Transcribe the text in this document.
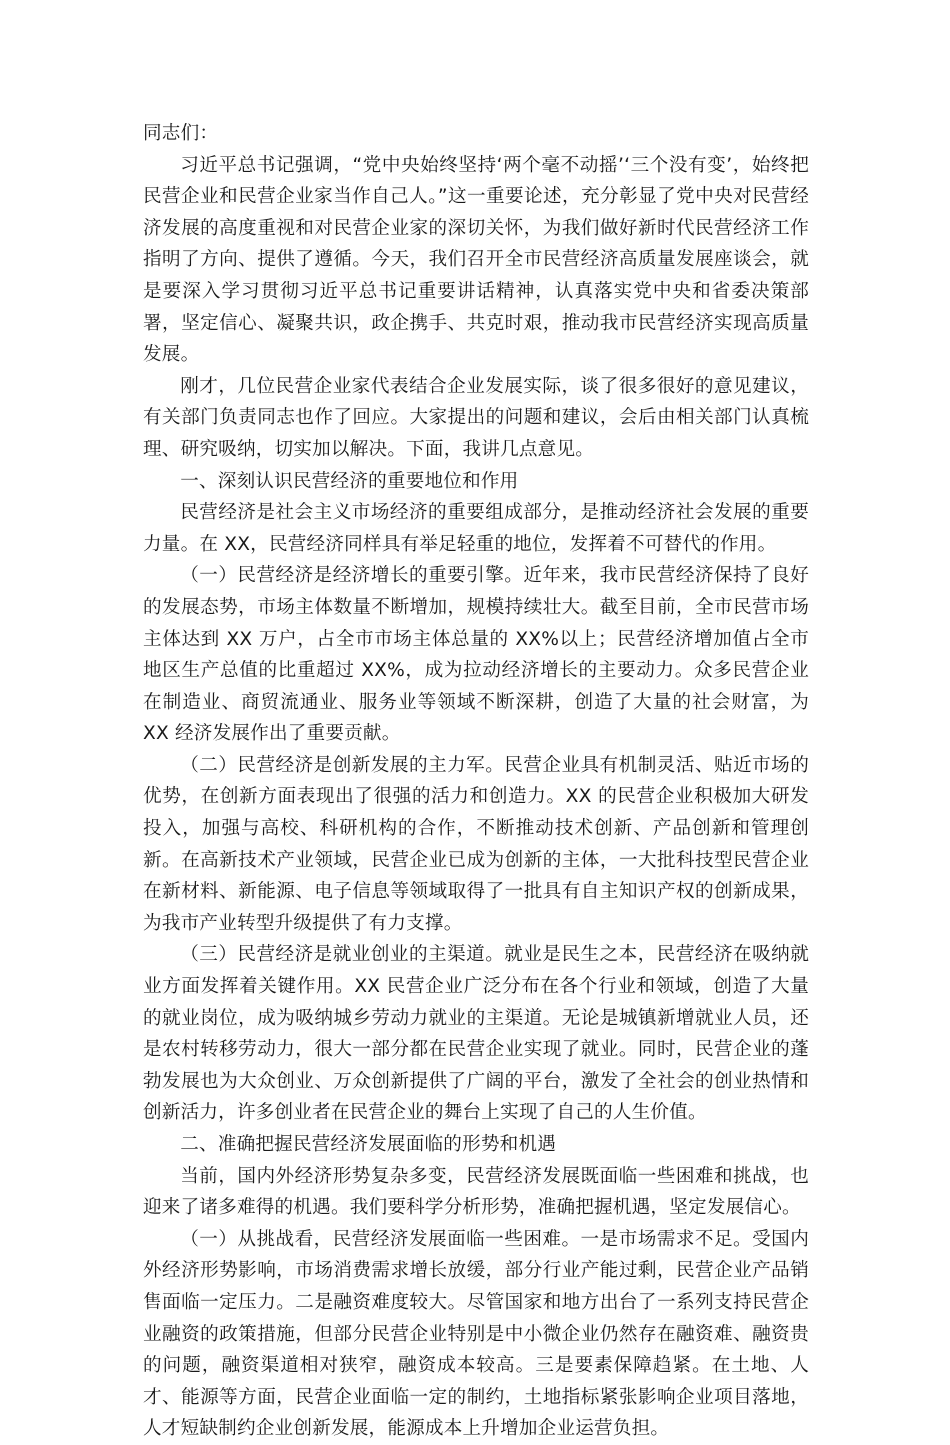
同志们：

习近平总书记强调，“党中央始终坚持‘两个毫不动摇’‘三个没有变’，始终把民营企业和民营企业家当作自己人。”这一重要论述，充分彰显了党中央对民营经济发展的高度重视和对民营企业家的深切关怀，为我们做好新时代民营经济工作指明了方向、提供了遵循。今天，我们召开全市民营经济高质量发展座谈会，就是要深入学习贯彻习近平总书记重要讲话精神，认真落实党中央和省委决策部署，坚定信心、凝聚共识，政企携手、共克时艰，推动我市民营经济实现高质量发展。

刚才，几位民营企业家代表结合企业发展实际，谈了很多很好的意见建议，有关部门负责同志也作了回应。大家提出的问题和建议，会后由相关部门认真梳理、研究吸纳，切实加以解决。下面，我讲几点意见。

一、深刻认识民营经济的重要地位和作用

民营经济是社会主义市场经济的重要组成部分，是推动经济社会发展的重要力量。在 XX，民营经济同样具有举足轻重的地位，发挥着不可替代的作用。

（一）民营经济是经济增长的重要引擎。近年来，我市民营经济保持了良好的发展态势，市场主体数量不断增加，规模持续壮大。截至目前，全市民营市场主体达到 XX 万户，占全市市场主体总量的 XX%以上；民营经济增加值占全市地区生产总值的比重超过 XX%，成为拉动经济增长的主要动力。众多民营企业在制造业、商贸流通业、服务业等领域不断深耕，创造了大量的社会财富，为 XX 经济发展作出了重要贡献。

（二）民营经济是创新发展的主力军。民营企业具有机制灵活、贴近市场的优势，在创新方面表现出了很强的活力和创造力。XX 的民营企业积极加大研发投入，加强与高校、科研机构的合作，不断推动技术创新、产品创新和管理创新。在高新技术产业领域，民营企业已成为创新的主体，一大批科技型民营企业在新材料、新能源、电子信息等领域取得了一批具有自主知识产权的创新成果，为我市产业转型升级提供了有力支撑。

（三）民营经济是就业创业的主渠道。就业是民生之本，民营经济在吸纳就业方面发挥着关键作用。XX 民营企业广泛分布在各个行业和领域，创造了大量的就业岗位，成为吸纳城乡劳动力就业的主渠道。无论是城镇新增就业人员，还是农村转移劳动力，很大一部分都在民营企业实现了就业。同时，民营企业的蓬勃发展也为大众创业、万众创新提供了广阔的平台，激发了全社会的创业热情和创新活力，许多创业者在民营企业的舞台上实现了自己的人生价值。

二、准确把握民营经济发展面临的形势和机遇

当前，国内外经济形势复杂多变，民营经济发展既面临一些困难和挑战，也迎来了诸多难得的机遇。我们要科学分析形势，准确把握机遇，坚定发展信心。

（一）从挑战看，民营经济发展面临一些困难。一是市场需求不足。受国内外经济形势影响，市场消费需求增长放缓，部分行业产能过剩，民营企业产品销售面临一定压力。二是融资难度较大。尽管国家和地方出台了一系列支持民营企业融资的政策措施，但部分民营企业特别是中小微企业仍然存在融资难、融资贵的问题，融资渠道相对狭窄，融资成本较高。三是要素保障趋紧。在土地、人才、能源等方面，民营企业面临一定的制约，土地指标紧张影响企业项目落地，人才短缺制约企业创新发展，能源成本上升增加企业运营负担。
